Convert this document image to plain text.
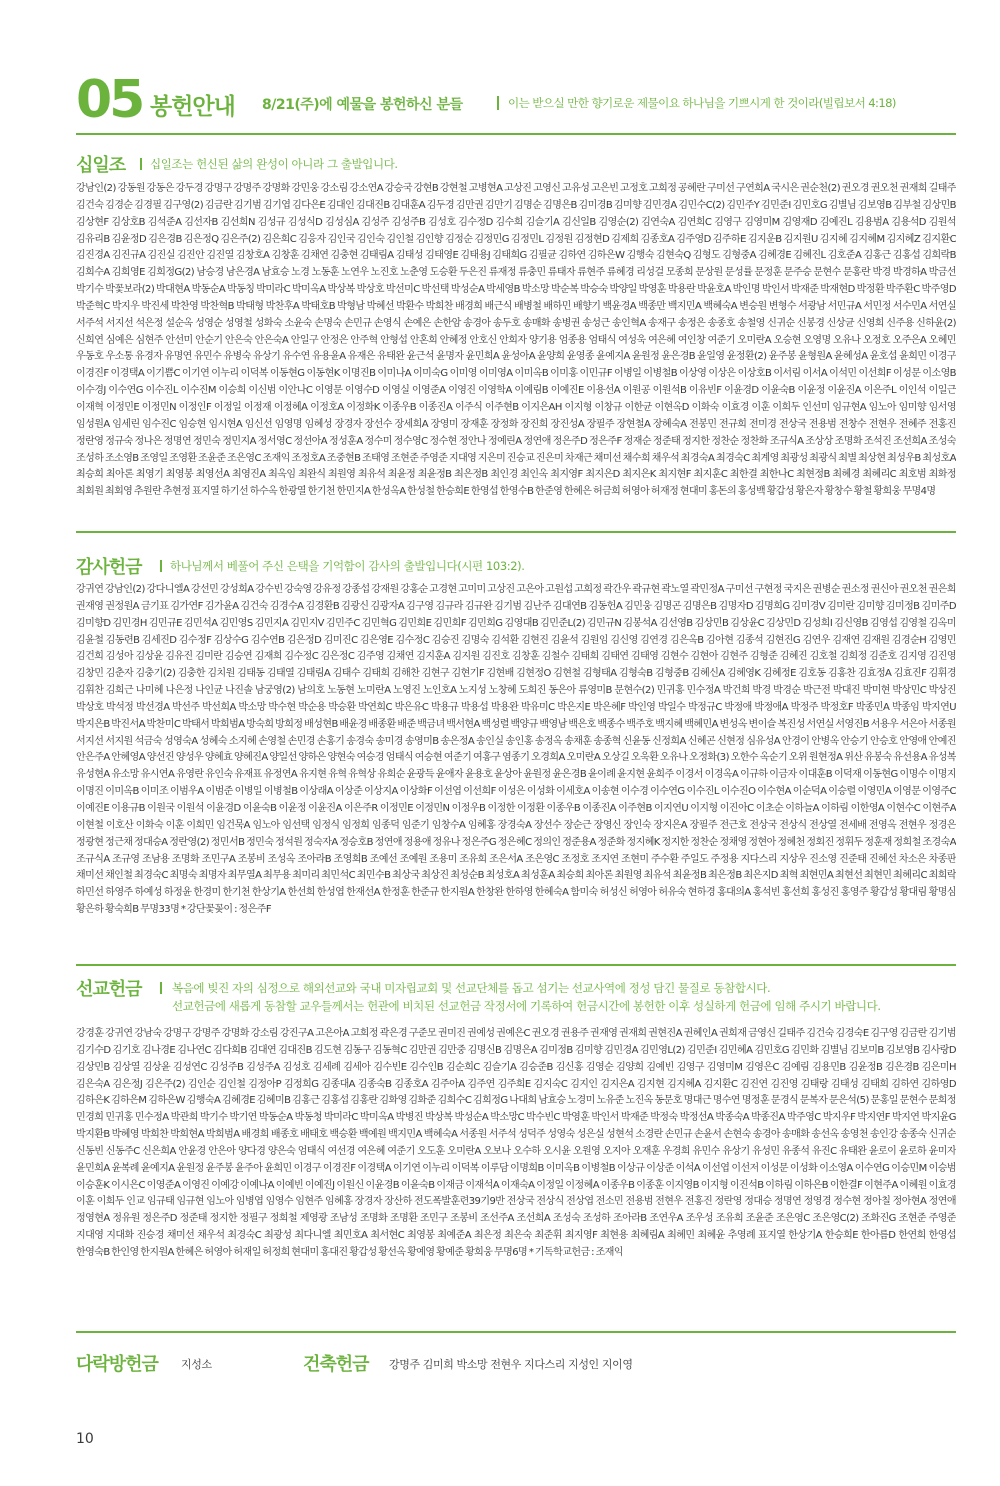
05 봉헌안내 8/21(주)에 예물을 봉헌하신 분들	이는 받으실 만한 향기로운 제물이요 하나님을 기쁘시게 한 것이라(빌립보서 4:18)
십일조 십일조는 헌신된 삶의 완성이 아니라 그 출발입니다.
강남인(2) 강동원 강동은 강두경 강명구 강명주 강명화 강민웅 강소림 강소연A 강승국 강현B 강현철 고병현A 고상진 고영신 고유성 고은빈 고정호 고희정 공혜란 구미선 구연희A 국시은 권순천(2) 권오경 권오천 권재희 길태주 김건숙 김경순 김경필 김구영(2) 김금란 김기범 김기엽 김다은E 김대인 김대진B 김대훈A 김두경 김만권 김만기 김명순 김명은B 김미경B 김미향 김민경A 김민수C(2) 김민주Y 김민준I 김민호G 김별님 김보영B 김부철 김상민B 김상현F 김상호B 김석준A 김선자B 김선희N 김성규 김성식D 김성심A 김성주 김성주B 김성호 김수정D 김수희 김슬기A 김신일B 김영순(2) 김연숙A 김연희C 김영구 김영미M 김영재D 김예진L 김용범A 김용석D 김원석 김유리B 김윤정D 김은경B 김은정Q 김은주(2) 김은희C 김응자 김인국 김인숙 김인철 김인향 김정순 김정민G 김정민L 김정원 김정현D 김제희 김종호A 김주영D 김주하E 김지운B 김지원U 김지혜 김지혜M 김지혜Z 김지환C 김진경A 김진규A 김진실 김진안 김진열 김창호A 김창훈 김채연 김충현 김태림A 김태성 김태영E 김태용J 김태희G 김필균 김하연 김하은W 김행숙 김현숙Q 김형도 김형중A 김혜경E 김혜진L 김호준A 김홍근 김홍섭 김희락B 김희수A 김희영E 김희정G(2) 남승경 남은경A 남효승 노경 노동훈 노연우 노진호 노춘영 도승환 두은진 류재정 류충민 류태자 류현주 류혜경 리성걸 모종희 문상원 문성률 문정훈 문주승 문현수 문홍란 박경 박경하A 박금선 박기수 박꽃보라(2) 박대현A 박동순A 박동칭 박미라C 박미옥A 박상복 박상호 박선미C 박선택 박성순A 박세영B 박소망 박순복 박승숙 박양일 박영훈 박용란 박윤호A 박인명 박인서 박재준 박재현D 박정환 박주환C 박주영D 박준혁C 박지우 박진세 박찬영 박찬혁B 박태형 박찬후A 박태호B 박형남 박혜선 박환수 박희찬 배경희 배근식 배병철 배하민 배향기 백윤경A 백종만 백지민A 백혜숙A 변승원 변형수 서광남 서민규A 서민정 서수민A 서연실 서주석 서지선 석은정 설순옥 성영순 성영철 성화숙 소윤숙 손명숙 손민규 손영식 손예은 손한암 송경아 송두호 송매화 송병권 송성근 송인혁A 송재구 송정은 송종호 송철영 신귀순 신봉경 신상균 신영희 신주용 신하윤(2) 신희연 심예은 심현주 안선미 안순기 안은숙 안은숙A 안일구 안정은 안주혁 안형섭 안혼희 안혜정 안호신 안희자 양기용 엄종용 엄태식 여성욱 여은혜 여인창 여준기 오미란A 오승현 오영명 오유나 오정호 오주은A 오혜민 우동호 우소통 유경자 유명연 유민수 유병숙 유상기 유수연 유용윤A 유재은 유태완 윤근석 윤명자 윤민희A 윤성아A 윤양희 윤영종 윤예지A 윤원정 윤은경B 윤일영 윤정환(2) 윤주봉 윤형원A 윤혜성A 윤호섭 윤희민 이경구 이경진F 이경택A 이기쁨C 이기연 이누리 이덕복 이동현G 이동현K 이명진B 이미나A 이미숙G 이미영 이미영A 이미옥B 이미홍 이민규F 이병일 이병철B 이상영 이상은 이상호B 이서림 이서A 이석민 이선희F 이성문 이소영B 이수경J 이수연G 이수진L 이수진M 이승희 이신범 이안나C 이영문 이영수D 이영실 이영준A 이영진 이영학A 이예림B 이예진E 이용선A 이원공 이원석B 이유빈F 이윤경D 이윤숙B 이윤정 이윤진A 이은주L 이인석 이일근 이재혁 이정민E 이정민N 이정인F 이정일 이정재 이정혜A 이정호A 이정화K 이종우B 이종진A 이주식 이주현B 이지은AH 이지형 이창규 이한균 이현옥D 이화숙 이효경 이훈 이희두 인선미 임규현A 임노아 임미향 임서영 임성원A 임세린 임수진C 임승현 임시현A 임신선 임영명 임혜성 장경자 장선수 장세희A 장영미 장재훈 장정화 장진희 장진성A 장필주 장현철A 장혜숙A 전봉민 전규희 전미경 전상국 전용범 전창수 전현우 전혜주 전홍진 정란영 정규숙 정나은 정명연 정민숙 정민지A 정서영C 정선아A 정성훈A 정수미 정수영C 정수현 정안나 정예린A 정연애 정은주D 정은주F 정재순 정준태 정지한 정찬순 정찬화 조규식A 조상상 조명화 조석진 조선희A 조성숙 조성하 조소영B 조영일 조영환 조윤준 조은영C 조재익 조정호A 조중현B 조태영 조현준 주영준 지대영 지은미 진승교 진은미 차재근 채미선 채수희 채우석 최경숙A 최경숙C 최계영 최광성 최광식 최별 최상현 최성우B 최성호A 최승희 최아론 최영기 최영봉 최영선A 최영진A 최옥임 최완식 최원영 최유석 최윤정 최윤정B 최은정B 최인경 최인옥 최지영F 최지은D 최지은K 최지현F 최지훈C 최한결 최한나C 최현정B 최혜경 최혜리C 최호범 최화정 최회원 최회영 추원란 추현정 표지열 하기선 하수옥 한광열 한기천 한민지A 한성옥A 한성철 한승희E 한영섭 한영수B 한준영 한혜은 허금희 허영아 허재정 현대미 홍돈의 홍성백 황갑성 황은자 황창수 황철 황희웅 무명4명
감사헌금 하나님께서 베풀어 주신 은택을 기억함이 감사의 출발입니다(시편 103:2).
강귀연 강남인(2) 강다니엘A 강선민 강성희A 강수빈 강숙영 강유정 강종섭 강재원 강홍순 고경현 고미미 고상진 고은아 고원섭 고희정 곽간우 곽규현 곽노열 곽민정A 구미선 구현정 국지은 권병순 권소정 권신아 권오천 권은희 권재영 권정원A 금기표 김가연F 김가윤A 김건숙 김경수A 김경환B 김광신 김광자A 김구영 김규라 김규완 김기범 김난주 김대연B 김동헌A 김민웅 김명곤 김명은B 김명자D 김명희G 김미경V 김미란 김미향 김미정B 김미주D 김미향D 김민경H 김민규E 김민석A 김민영S 김민지A 김민지V 김민주C 김민혁G 김민희E 김민희F 김민희G 김영대B 김민준L(2) 김민규N 김봉석A 김선영B 김상민B 김상윤C 김상민D 김성희I 김신영B 김영섭 김영철 김옥미 김윤철 김동련B 김세진D 김수정F 김상수G 김수연B 김은정D 김미진C 김은영E 김수정C 김승진 김명숙 김석환 김현진 김윤석 김원임 김신영 김연경 김은옥B 김아현 김종석 김현진G 김연우 김재연 김재원 김경순H 김영민 김건희 김성아 김상윤 김유진 김미란 김승연 김재희 김수정C 김은정C 김주영 김채연 김지훈A 김지원 김진호 김창훈 김철수 김태희 김태연 김태영 김현수 김현아 김현주 김형준 김혜진 김호철 김희정 김준호 김지영 김진영 김창민 김춘자 김충기(2) 김충한 김치원 김태동 김태열 김태림A 김태수 김태희 김해찬 김현구 김현기F 김현배 김현정O 김현철 김형태A 김형숙B 김형중B 김혜신A 김혜영K 김혜정E 김호동 김홍찬 김효정A 김효진F 김휘경 김휘찬 김희근 나미혜 나은정 나인균 나진솔 남궁영(2) 남의호 노동현 노미란A 노영진 노인호A 노지성 노창혜 도희진 동은아 류영미B 문현수(2) 민귀홍 민수정A 박건희 박경 박경순 박근전 박대진 박미현 박상민C 박상진 박상호 박석정 박선경A 박선주 박선희A 박소망 박수현 박순용 박승환 박연희C 박은유C 박용규 박용섭 박용완 박유미C 박은지E 박은혜F 박인영 박일수 박정규C 박정애 박정애A 박정주 박정호F 박종민A 박종임 박지연U 박지은B 박진서A 박찬미C 박태서 박희범A 방숙희 방희정 배성현B 배윤경 배종환 배준 백금녀 백서현A 백성렬 백양규 백영남 백은호 백종수 백주호 백지혜 백혜민A 변성옥 변이슬 복진성 서연실 서영진B 서용우 서은아 서종원 서지선 서지원 석금숙 성영숙A 성혜숙 소지혜 손영철 손민경 손홍기 송경숙 송미경 송영미B 송은정A 송인실 송인홍 송정옥 송채훈 송종혁 신윤동 신정희A 신혜곤 신현정 심유성A 안경이 안병옥 안승기 안승호 안영애 안예진 안은주A 안혜영A 양선진 양성우 양혜효 양혜진A 양일선 양하은 양현숙 여승경 엄태식 여승현 여준기 여홍구 염종기 오경희A 오미란A 오상길 오욱환 오유나 오정화(3) 오한수 옥순기 오위 원현정A 위산 유봉숙 유선용A 유성복 유성현A 유소망 유시연A 유영란 유인숙 유재표 유정연A 유지현 유혁 유혁상 유희순 윤광득 윤애자 윤용호 윤상아 윤원정 윤은경B 윤이례 윤지현 윤희주 이경서 이경옥A 이규하 이금자 이대훈B 이덕재 이동현G 이명수 이명지 이명진 이미옥B 이미조 이범우A 이범준 이병일 이병철B 이상래A 이상준 이상지A 이상화F 이선엽 이선희F 이성은 이성화 이세호A 이송현 이수경 이수연G 이수진L 이수진O 이수현A 이순덕A 이승렬 이영민A 이영문 이영주C 이예진E 이용규B 이원국 이원석 이윤경D 이윤숙B 이윤정 이윤진A 이은주R 이정민E 이정민N 이정우B 이정한 이정환 이종우B 이종진A 이주현B 이지연U 이지형 이진아C 이초순 이하늘A 이하림 이한영A 이현수C 이현주A 이현철 이호산 이화숙 이훈 이희민 임건묵A 임노아 임선택 임정식 임정희 임종덕 임준기 임창수A 임혜홍 장경숙A 장선수 장순근 장영신 장인숙 장지은A 장필주 전근호 전상국 전상식 전상열 전세배 전영옥 전현우 정경은 정광현 정근채 정대승A 정란영(2) 정민서B 정민숙 정석원 정숙자A 정승호B 정연애 정용애 정유나 정은주G 정은혜C 정의인 정준용A 정준화 정지혜K 정지한 정찬순 정채영 정현아 정혜천 정회진 정휘두 정훈재 정희철 조경숙A 조규식A 조규영 조남용 조명화 조민구A 조봉비 조성옥 조아라B 조영희B 조예선 조예원 조용미 조유희 조은서A 조은영C 조정호 조지연 조현미 주수환 주일도 주정용 지다스리 지상우 진소영 진준태 진혜선 차소은 차종판 채미선 채인철 최경숙C 최명숙 최명자 최무열A 최무용 최미리 최민석C 최민수B 최상국 최상진 최성순B 최성호A 최성훈A 최승희 최아론 최원영 최유석 최윤정B 최은정B 최은지D 최혁 최현민A 최현선 최현민 최혜리C 최희락 하민선 하영주 하예성 하정윤 한경미 한기천 한상기A 한선희 한성엽 한재선A 한정훈 한준규 한지원A 한창완 한하영 한혜숙A 함미숙 허성신 허영아 허유숙 현하경 홍대의A 홍석빈 홍선희 홍성진 홍영주 황갑성 황대림 황명심 황은하 황숙희B 무명33명 * 강단꽃꽂이 : 정은주F
선교헌금	복음에 빚진 자의 심정으로 해외선교와 국내 미자립교회 및 선교단체를 돕고 섬기는 선교사역에 정성 담긴 물질로 동참합시다.
선교헌금에 새롭게 동참할 교우들께서는 헌관에 비치된 선교헌금 작정서에 기록하여 헌금시간에 봉헌한 이후 성실하게 헌금에 임해 주시기 바랍니다.
강경훈 강귀연 강남숙 강명구 강명주 강명화 강소림 강진구A 고은아A 고희정 곽은경 구준모 권미진 권예성 권예은C 권오경 권용주 권재영 권재희 권현진A 권혜인A 권희재 금영신 길태주 김건숙 김경숙E 김구영 김금란 김기범 김기수D 김기호 김나경E 김나연C 김다희B 김대연 김대진B 김도현 김동구 김동혁C 김만권 김만중 김명신B 김명은A 김미정B 김미향 김민경A 김민영L(2) 김민준I 김민혜A 김민호G 김민화 김별님 김보미B 김보영B 김사랑D 김상민B 김상열 김상윤 김성연C 김성주B 김성주A 김성호 김세례 김세아 김수빈E 김수인B 김순희C 김슬기A 김승준B 김신홍 김영순 김양희 김예빈 김영구 김영미M 김영은C 김예림 김용민B 김윤정B 김은경B 김은미H 김은숙A 김은정J 김은주(2) 김인순 김인철 김정아P 김정희G 김종대A 김종숙B 김종호A 김주아A 김주연 김주희E 김지숙C 김지인 김지은A 김지현 김지혜A 김지환C 김진연 김진영 김태랑 김태성 김태희 김하연 김하영D 김하은K 김하은M 김하은W 김행숙A 김혜경E 김혜미B 김홍근 김홍섭 김홍란 김화영 김화준 김희수C 김희정G 나대희 남효승 노경미 노유준 노진옥 동문호 명대근 명수연 명정훈 문경식 문복자 문은석(5) 문홍일 문현수 문희정 민경희 민귀홍 민수정A 박관희 박기수 박기연 박동순A 박동청 박미라C 박미옥A 박병진 박상복 박성순A 박소망C 박수빈C 박영훈 박인서 박재준 박정숙 박정선A 박종숙A 박종진A 박주영C 박지우F 박지연F 박지연 박지윤G 박지환B 박혜영 박희찬 박희현A 박희범A 배경희 배종호 배태호 백승환 백예원 백지민A 백혜숙A 서종원 서주석 성덕주 성영숙 성은실 성현석 소경란 손민규 손윤서 손현숙 송경아 송매화 송선옥 송영천 송인강 송종숙 신귀순 신동빈 신동주C 신은희A 안윤경 안은아 양다경 양은숙 엄태식 여선경 여은혜 여준기 오도훈 오미란A 오보나 오수하 오시윤 오원영 오지아 오재훈 우경희 유민수 유상기 유성민 유종석 유진C 유태완 윤로이 윤로하 윤미자 윤민희A 윤복례 윤예지A 윤원정 윤주봉 윤주아 윤희민 이경구 이경진F 이경택A 이기연 이누리 이덕복 이루담 이명희B 이미옥B 이병철B 이상규 이상준 이석A 이선엽 이선저 이성문 이성화 이소영A 이수연G 이승민M 이승범 이승훈K 이시은C 이영준A 이영진 이예강 이예나A 이예빈 이예진J 이원신 이윤경B 이윤숙B 이재금 이재석A 이재숙A 이정일 이정혜A 이종우B 이종훈 이지영B 이지형 이진석B 이하림 이하은B 이한결F 이현주A 이혜원 이효경 이훈 이희두 인교 임규태 임규현 임노아 임병엽 임영수 임현주 임혜홍 장경자 장산하 전도폭발훈련39기9반 전상국 전상식 전상엽 전소민 전용범 전현우 전홍진 정란영 정대승 정명연 정영경 정수현 정아칠 정아현A 정연애 정영현A 정유원 정은주D 정준태 정지한 정필구 정희철 제영광 조남성 조명화 조명환 조민구 조봉비 조선주A 조선희A 조성숙 조성하 조아라B 조연우A 조우성 조유희 조윤준 조은영C 조은영C(2) 조화진G 조현준 주영준 지대영 지대화 진승경 채미선 채우석 최경숙C 최광성 최다니엘 최민호A 최서현C 최영봉 최예준A 최은정 최은숙 최준휘 최지영F 최현용 최혜림A 최혜민 최혜윤 추영례 표지열 한상기A 한승희E 한아름D 한연희 한영섭 한영숙B 한인영 한지원A 한혜은 허영아 허재일 허정희 현대미 홍대진 황갑성 황선옥 황예영 황예준 황희웅 무명6명 * 기독학교헌금 : 조재익
다락방헌금 지성소	건축헌금 강명주 김미희 박소망 전현우 지다스리 지성인 지이영
10
